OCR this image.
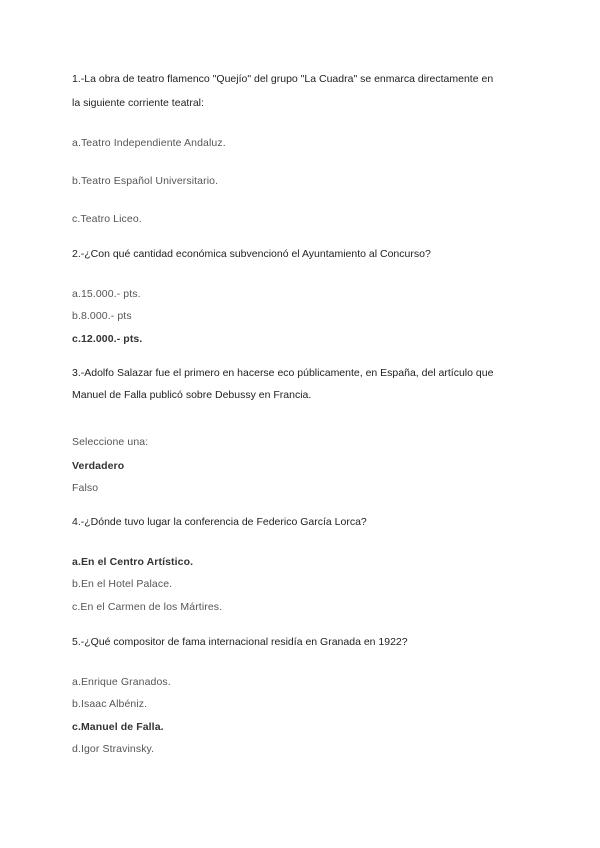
1.-La obra de teatro flamenco "Quejío" del grupo "La Cuadra" se enmarca directamente en
la siguiente corriente teatral:
a.Teatro Independiente Andaluz.
b.Teatro Español Universitario.
c.Teatro Liceo.
2.-¿Con qué cantidad económica subvencionó el Ayuntamiento al Concurso?
a.15.000.- pts.
b.8.000.- pts
c.12.000.- pts.
3.-Adolfo Salazar fue el primero en hacerse eco públicamente, en España, del artículo que
Manuel de Falla publicó sobre Debussy en Francia.
Seleccione una:
Verdadero
Falso
4.-¿Dónde tuvo lugar la conferencia de Federico García Lorca?
a.En el Centro Artístico.
b.En el Hotel Palace.
c.En el Carmen de los Mártires.
5.-¿Qué compositor de fama internacional residía en Granada en 1922?
a.Enrique Granados.
b.Isaac Albéniz.
c.Manuel de Falla.
d.Igor Stravinsky.
